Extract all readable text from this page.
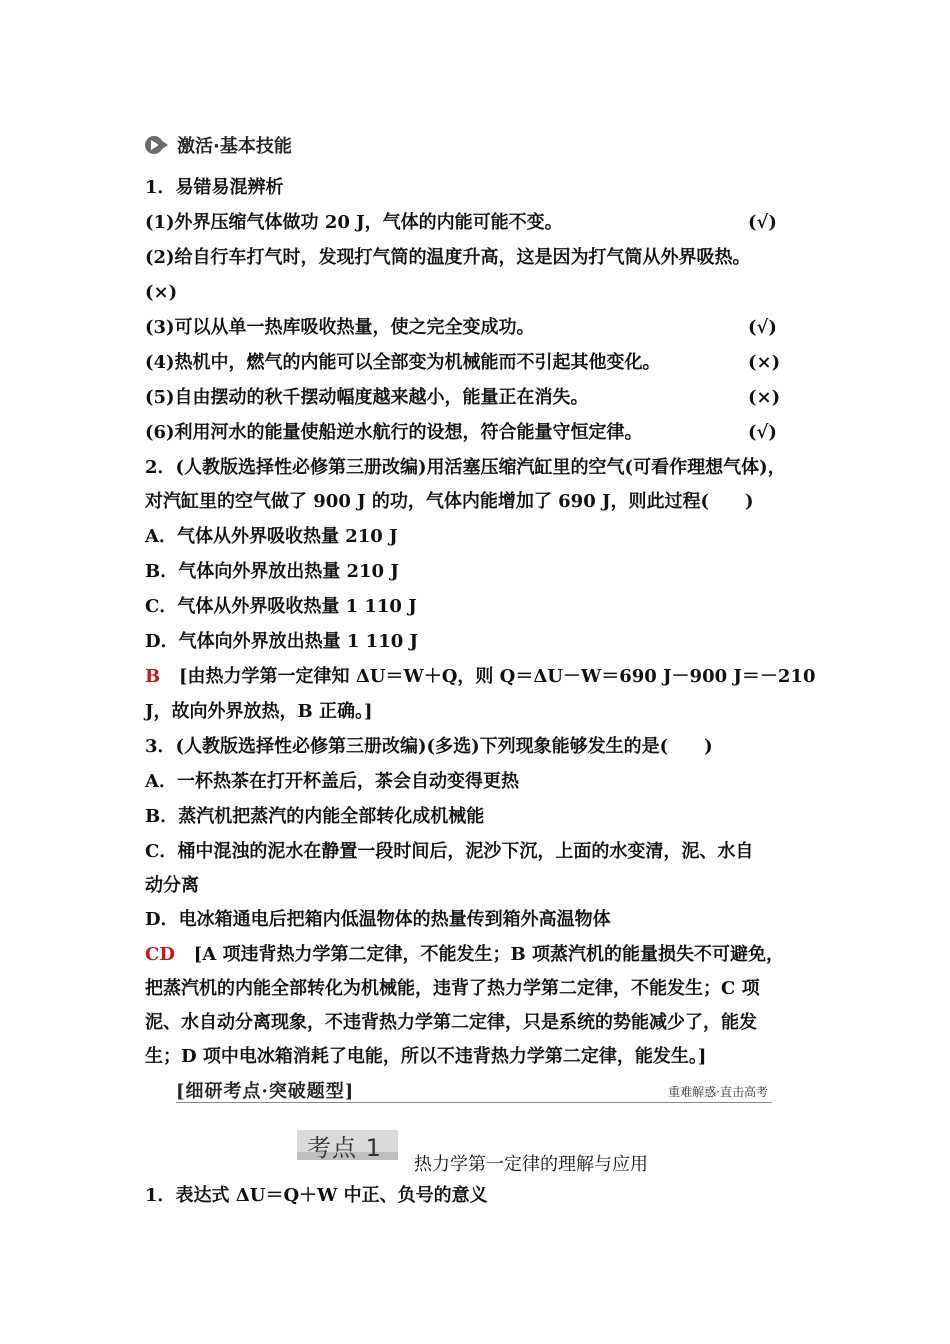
激活·基本技能
1．易错易混辨析
(1)外界压缩气体做功 20 J，气体的内能可能不变。	(√)
(2)给自行车打气时，发现打气筒的温度升高，这是因为打气筒从外界吸热。
(×)
(3)可以从单一热库吸收热量，使之完全变成功。	(√)
(4)热机中，燃气的内能可以全部变为机械能而不引起其他变化。	(×)
(5)自由摆动的秋千摆动幅度越来越小，能量正在消失。	(×)
(6)利用河水的能量使船逆水航行的设想，符合能量守恒定律。	(√)
2．(人教版选择性必修第三册改编)用活塞压缩汽缸里的空气(可看作理想气体)，
对汽缸里的空气做了 900 J 的功，气体内能增加了 690 J，则此过程(　　)
A．气体从外界吸收热量 210 J
B．气体向外界放出热量 210 J
C．气体从外界吸收热量 1 110 J
D．气体向外界放出热量 1 110 J
B [由热力学第一定律知 ΔU＝W＋Q，则 Q＝ΔU－W＝690 J－900 J＝－210
J，故向外界放热，B 正确。]
3．(人教版选择性必修第三册改编)(多选)下列现象能够发生的是(　　)
A．一杯热茶在打开杯盖后，茶会自动变得更热
B．蒸汽机把蒸汽的内能全部转化成机械能
C．桶中混浊的泥水在静置一段时间后，泥沙下沉，上面的水变清，泥、水自
动分离
D．电冰箱通电后把箱内低温物体的热量传到箱外高温物体
CD [A 项违背热力学第二定律，不能发生；B 项蒸汽机的能量损失不可避免，
把蒸汽机的内能全部转化为机械能，违背了热力学第二定律，不能发生；C 项
泥、水自动分离现象，不违背热力学第二定律，只是系统的势能减少了，能发
生；D 项中电冰箱消耗了电能，所以不违背热力学第二定律，能发生。]
[细研考点·突破题型]	重难解惑·直击高考
考点 1
热力学第一定律的理解与应用
1．表达式 ΔU＝Q＋W 中正、负号的意义
